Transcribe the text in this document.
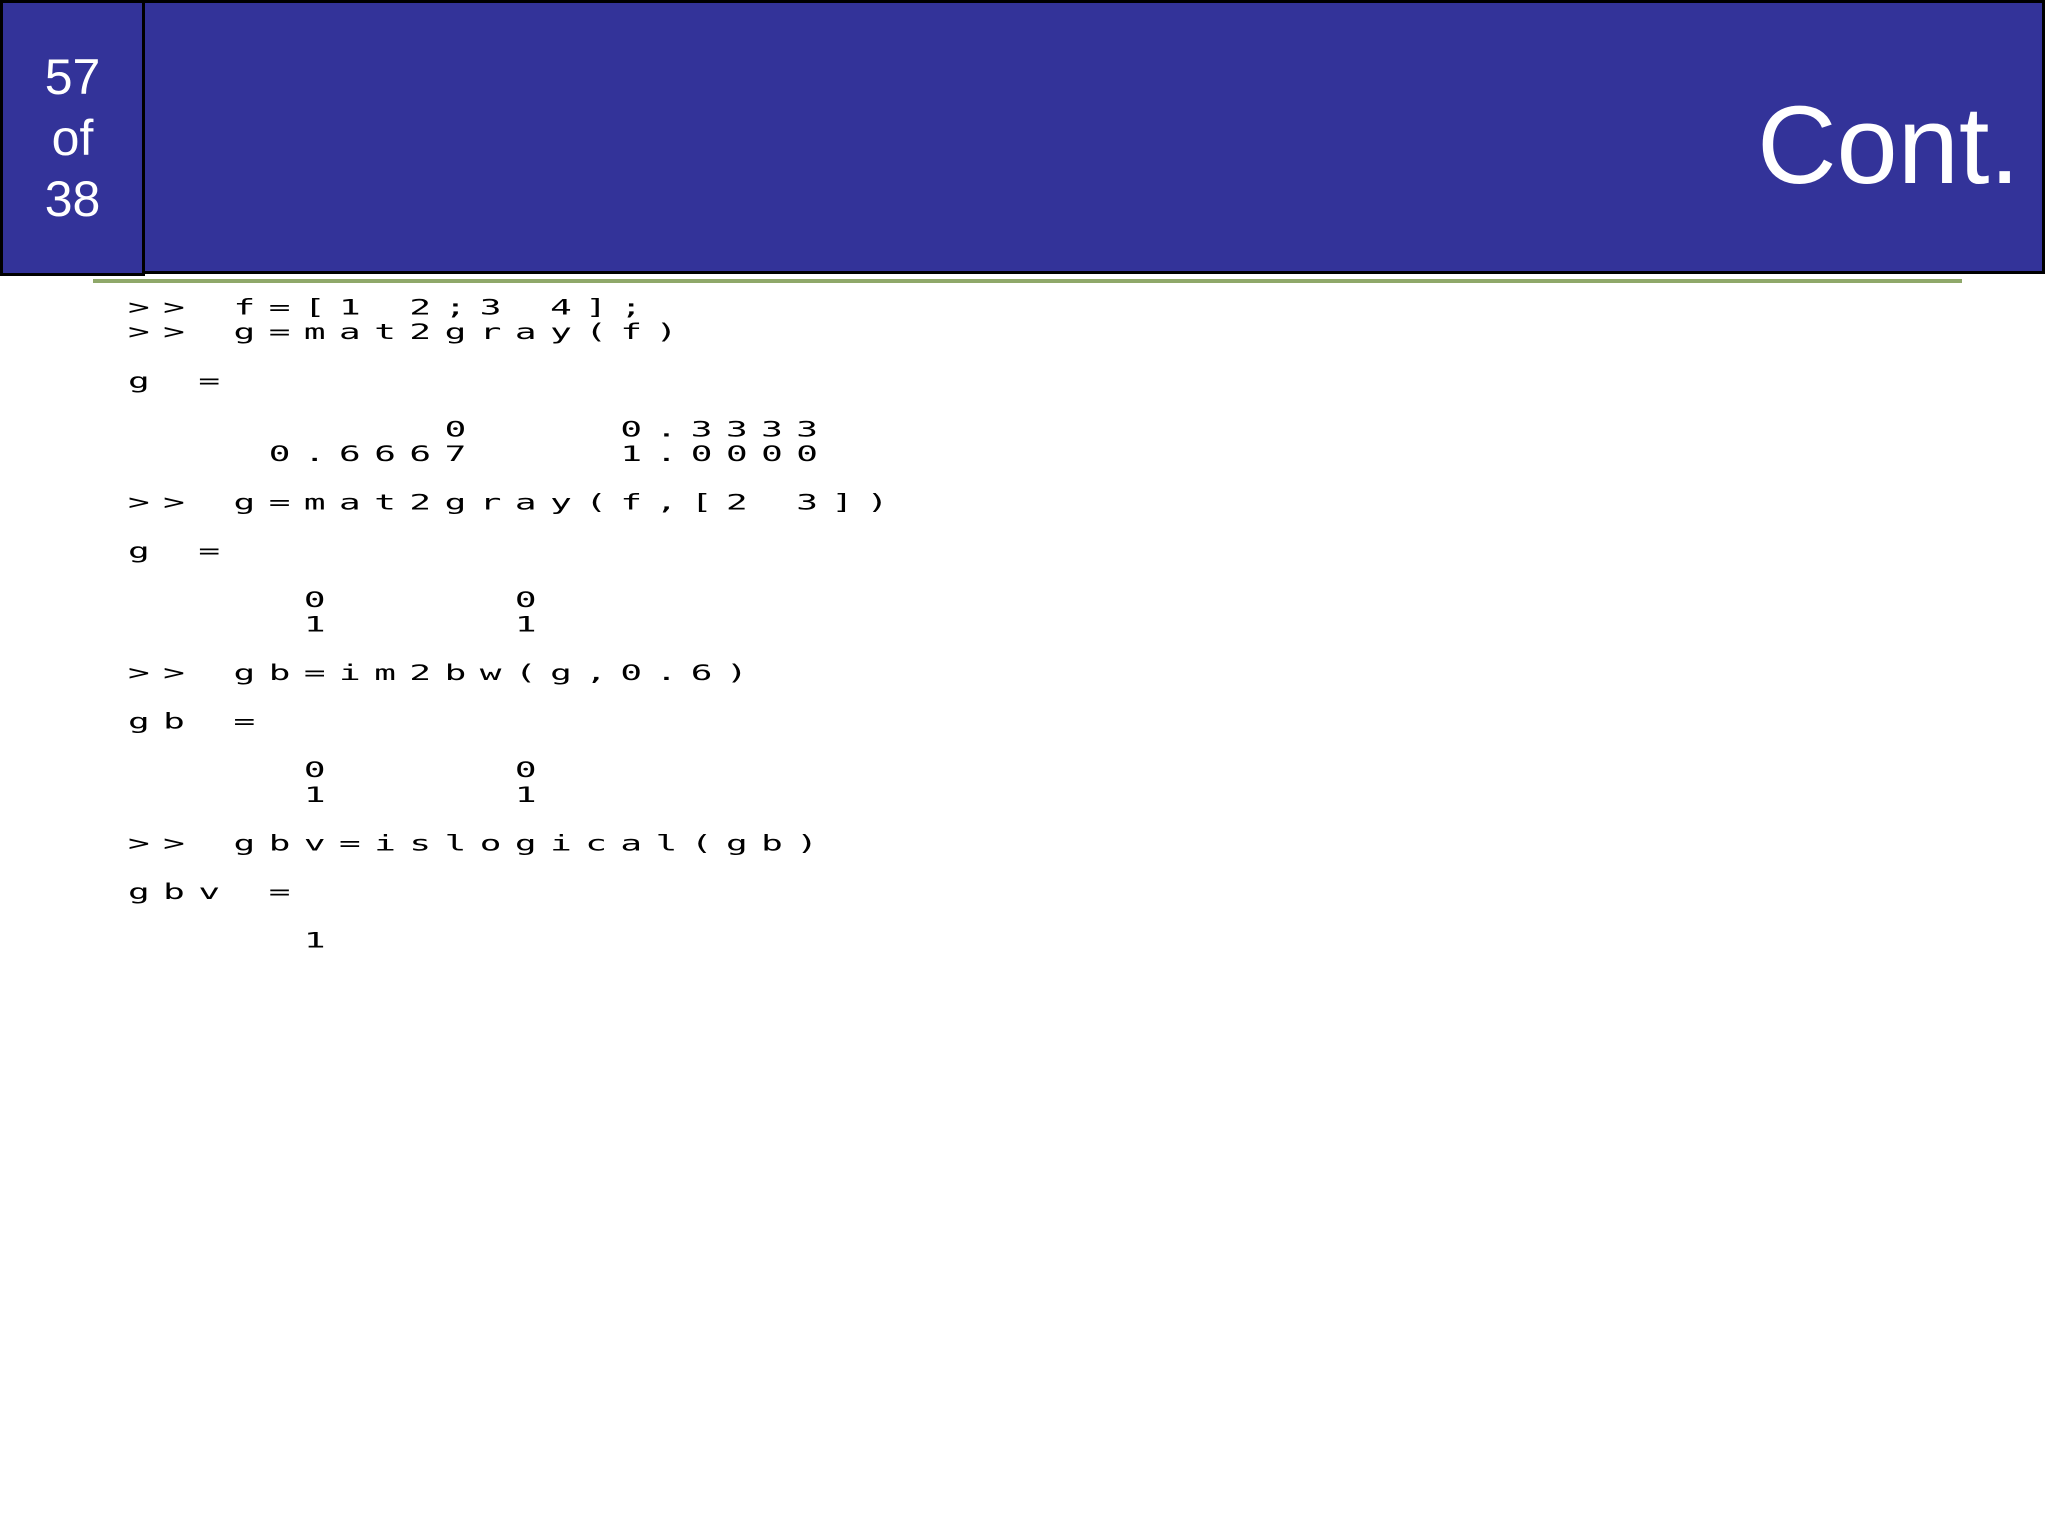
Cont.
57
of
38
>> f=[1 2;3 4];
>> g=mat2gray(f)
g =
0    0.3333
0.6667    1.0000
>> g=mat2gray(f,[2 3])
g =
0     0
1     1
>> gb=im2bw(g,0.6)
gb =
0     0
1     1
>> gbv=islogical(gb)
gbv =
1
